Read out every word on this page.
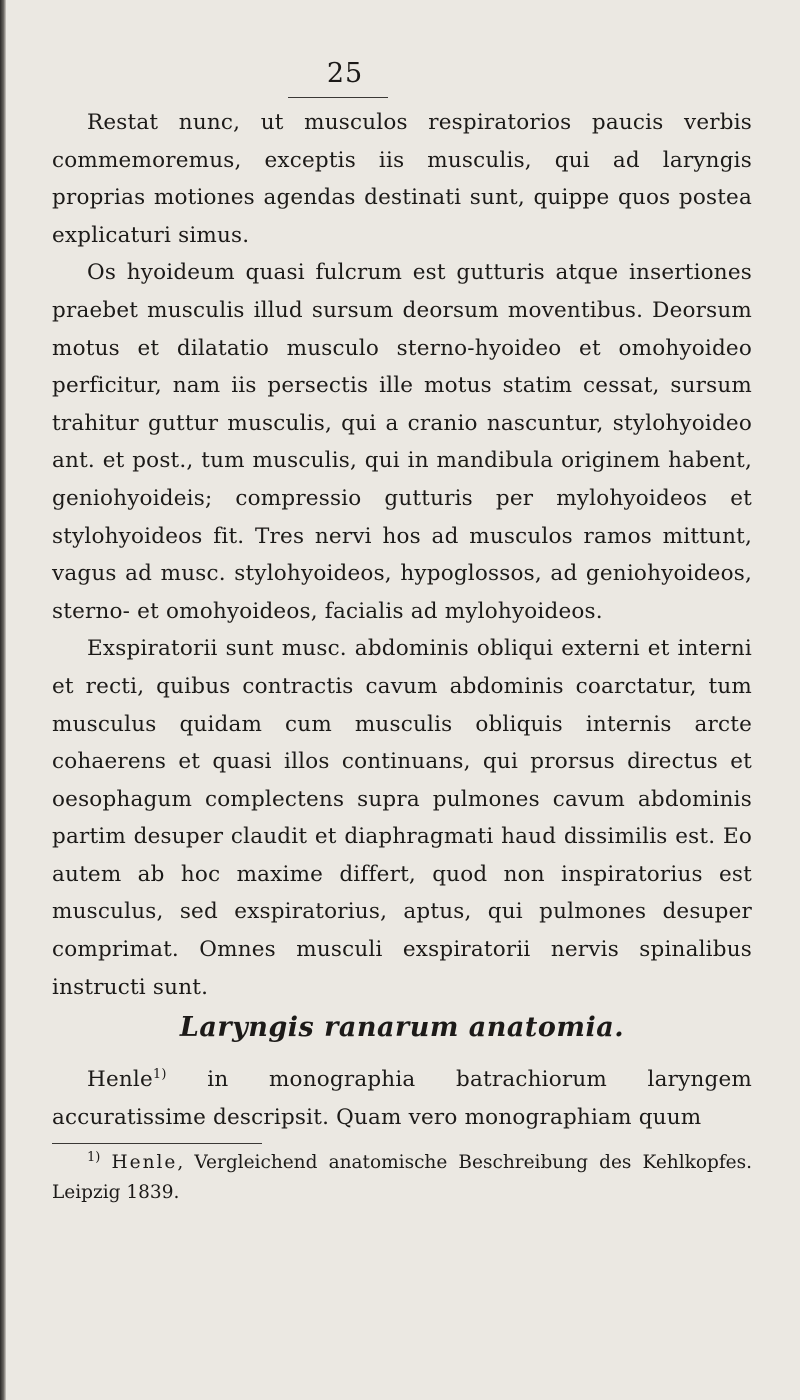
25

Restat nunc, ut musculos respiratorios paucis verbis commemoremus, exceptis iis musculis, qui ad laryngis proprias motiones agendas destinati sunt, quippe quos postea explicaturi simus.

Os hyoideum quasi fulcrum est gutturis atque insertiones praebet musculis illud sursum deorsum moventibus. Deorsum motus et dilatatio musculo sterno-hyoideo et omohyoideo perficitur, nam iis persectis ille motus statim cessat, sursum trahitur guttur musculis, qui a cranio nascuntur, stylohyoideo ant. et post., tum musculis, qui in mandibula originem habent, geniohyoideis; compressio gutturis per mylohyoideos et stylohyoideos fit. Tres nervi hos ad musculos ramos mittunt, vagus ad musc. stylohyoideos, hypoglossos, ad geniohyoideos, sterno- et omohyoideos, facialis ad mylohyoideos.

Exspiratorii sunt musc. abdominis obliqui externi et interni et recti, quibus contractis cavum abdominis coarctatur, tum musculus quidam cum musculis obliquis internis arcte cohaerens et quasi illos continuans, qui prorsus directus et oesophagum complectens supra pulmones cavum abdominis partim desuper claudit et diaphragmati haud dissimilis est. Eo autem ab hoc maxime differt, quod non inspiratorius est musculus, sed exspiratorius, aptus, qui pulmones desuper comprimat. Omnes musculi exspiratorii nervis spinalibus instructi sunt.

Laryngis ranarum anatomia.

Henle$^{1)}$ in monographia batrachiorum laryngem accuratissime descripsit. Quam vero monographiam quum

$^{1)}$ Henle, Vergleichend anatomische Beschreibung des Kehlkopfes. Leipzig 1839.
